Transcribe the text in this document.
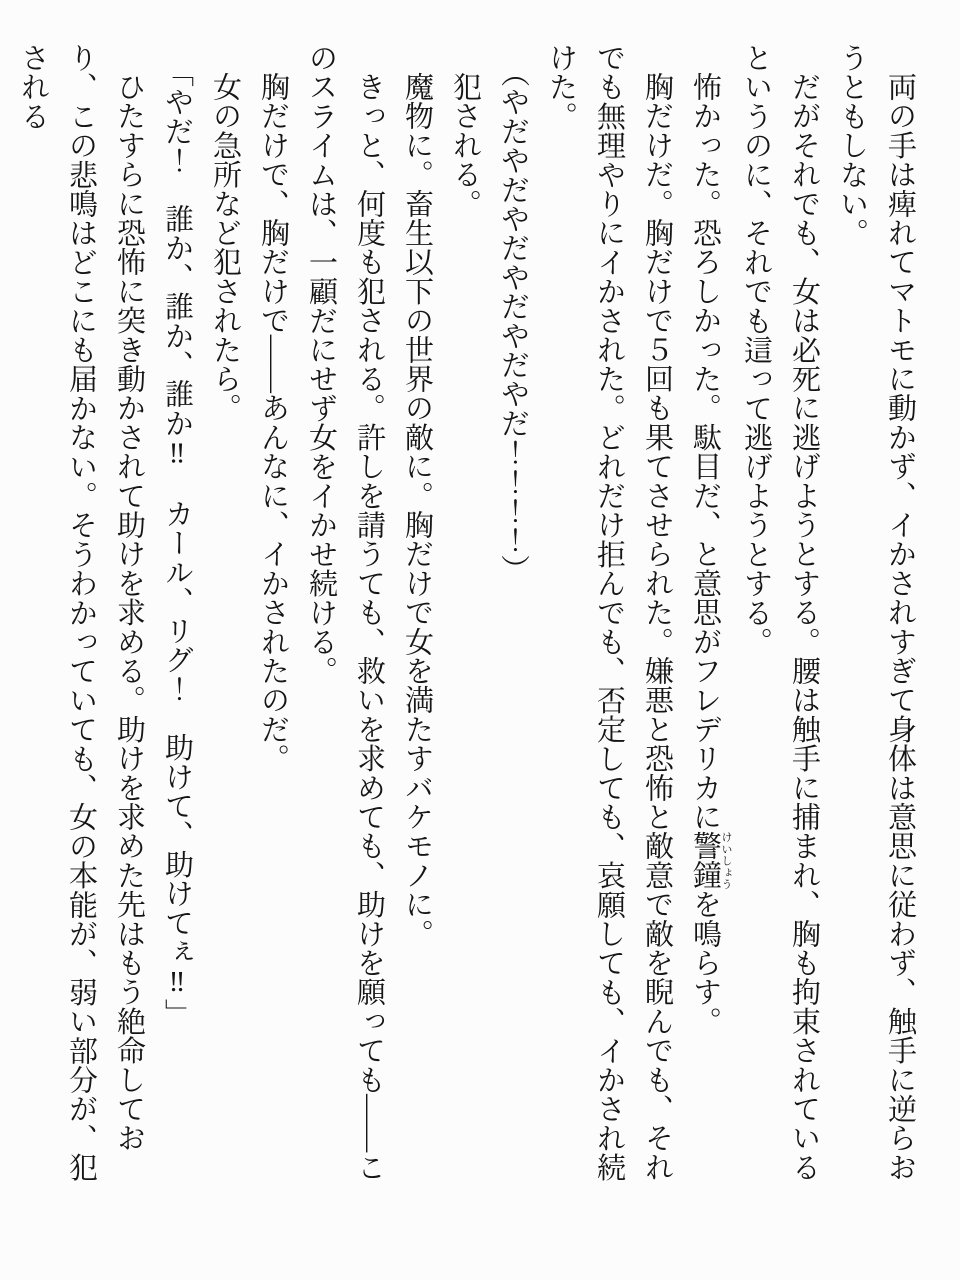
両の手は痺れてマトモに動かず、イかされすぎて身体は意思に従わず、触手に逆らおうともしない。

だがそれでも、女は必死に逃げようとする。腰は触手に捕まれ、胸も拘束されているというのに、それでも這って逃げようとする。

怖かった。恐ろしかった。駄目だ、と意思がフレデリカに警鐘 けいしょうを鳴らす。

胸だけだ。胸だけで５回も果てさせられた。嫌悪と恐怖と敵意で敵を睨んでも、それでも無理やりにイかされた。どれだけ拒んでも、否定しても、哀願しても、イかされ続けた。

（やだやだやだやだやだやだ！！！！）

犯される。

魔物に。畜生以下の世界の敵に。胸だけで女を満たすバケモノに。

きっと、何度も犯される。許しを請うても、救いを求めても、助けを願っても――このスライムは、一顧だにせず女をイかせ続ける。

胸だけで、胸だけで――あんなに、イかされたのだ。

女の急所など犯されたら。

「やだ！　誰か、誰か、誰か‼　カール、リグ！　助けて、助けてぇ‼」

ひたすらに恐怖に突き動かされて助けを求める。助けを求めた先はもう絶命しており、この悲鳴はどこにも届かない。そうわかっていても、女の本能が、弱い部分が、犯される
